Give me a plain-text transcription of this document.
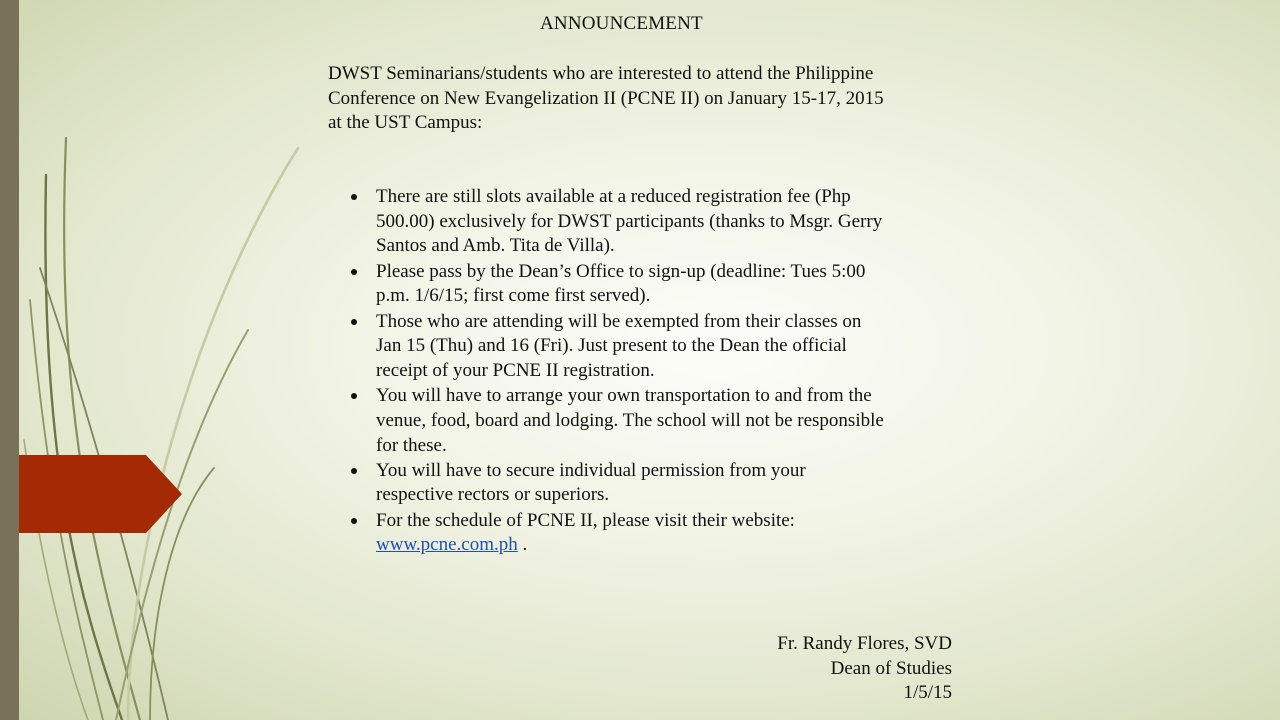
ANNOUNCEMENT
DWST Seminarians/students who are interested to attend the Philippine
Conference on New Evangelization II (PCNE II) on January 15-17, 2015
at the UST Campus:
There are still slots available at a reduced registration fee (Php
500.00) exclusively for DWST participants (thanks to Msgr. Gerry
Santos and Amb. Tita de Villa).
Please pass by the Dean’s Office to sign-up (deadline: Tues 5:00
p.m. 1/6/15; first come first served).
Those who are attending will be exempted from their classes on
Jan 15 (Thu) and 16 (Fri). Just present to the Dean the official
receipt of your PCNE II registration.
You will have to arrange your own transportation to and from the
venue, food, board and lodging. The school will not be responsible
for these.
You will have to secure individual permission from your
respective rectors or superiors.
For the schedule of PCNE II, please visit their website:
www.pcne.com.ph .
Fr. Randy Flores, SVD
Dean of Studies
1/5/15
